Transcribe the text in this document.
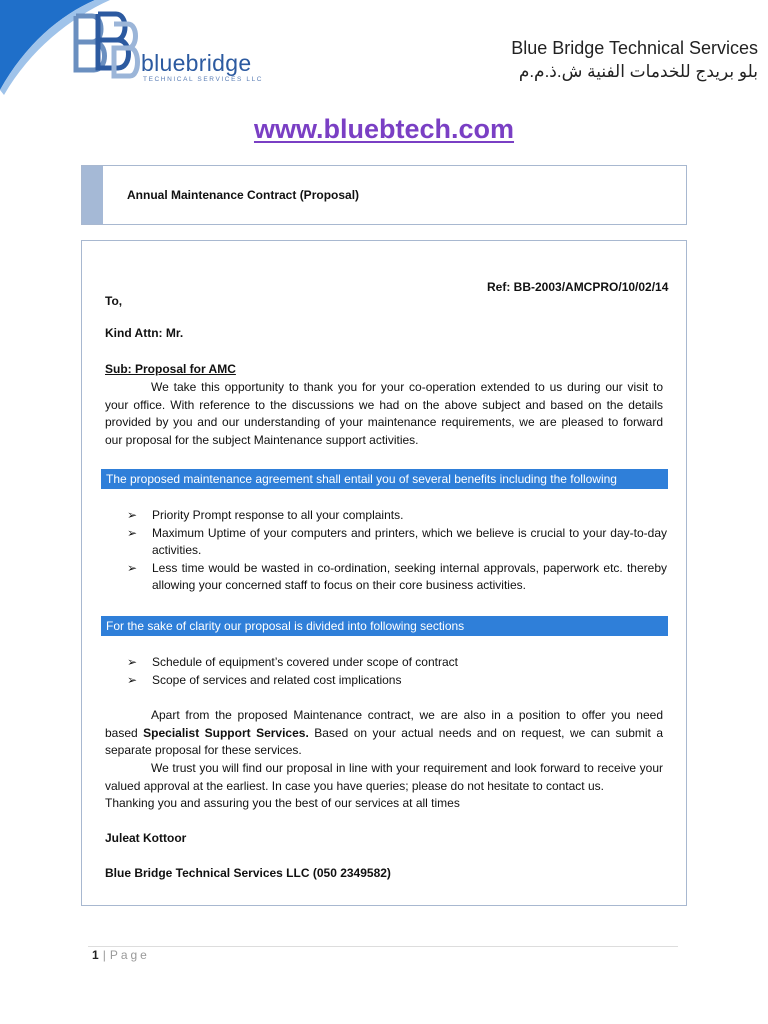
bluebridge
TECHNICAL SERVICES LLC
Blue Bridge Technical Services
بلو بريدج للخدمات الفنية ش.ذ.م.م
www.bluebtech.com
Annual Maintenance Contract (Proposal)
Ref: BB-2003/AMCPRO/10/02/14
To,
Kind Attn: Mr.
Sub: Proposal for AMC
We take this opportunity to thank you for your co-operation extended to us during our visit to your office. With reference to the discussions we had on the above subject and based on the details provided by you and our understanding of your maintenance requirements, we are pleased to forward our proposal for the subject Maintenance support activities.
The proposed maintenance agreement shall entail you of several benefits including the following
➢ Priority Prompt response to all your complaints.
➢ Maximum Uptime of your computers and printers, which we believe is crucial to your day-to-day activities.
➢ Less time would be wasted in co-ordination, seeking internal approvals, paperwork etc. thereby allowing your concerned staff to focus on their core business activities.
For the sake of clarity our proposal is divided into following sections
➢ Schedule of equipment’s covered under scope of contract
➢ Scope of services and related cost implications
Apart from the proposed Maintenance contract, we are also in a position to offer you need based Specialist Support Services. Based on your actual needs and on request, we can submit a separate proposal for these services.
We trust you will find our proposal in line with your requirement and look forward to receive your valued approval at the earliest. In case you have queries; please do not hesitate to contact us.
Thanking you and assuring you the best of our services at all times
Juleat Kottoor
Blue Bridge Technical Services LLC (050 2349582)
1 | Page
